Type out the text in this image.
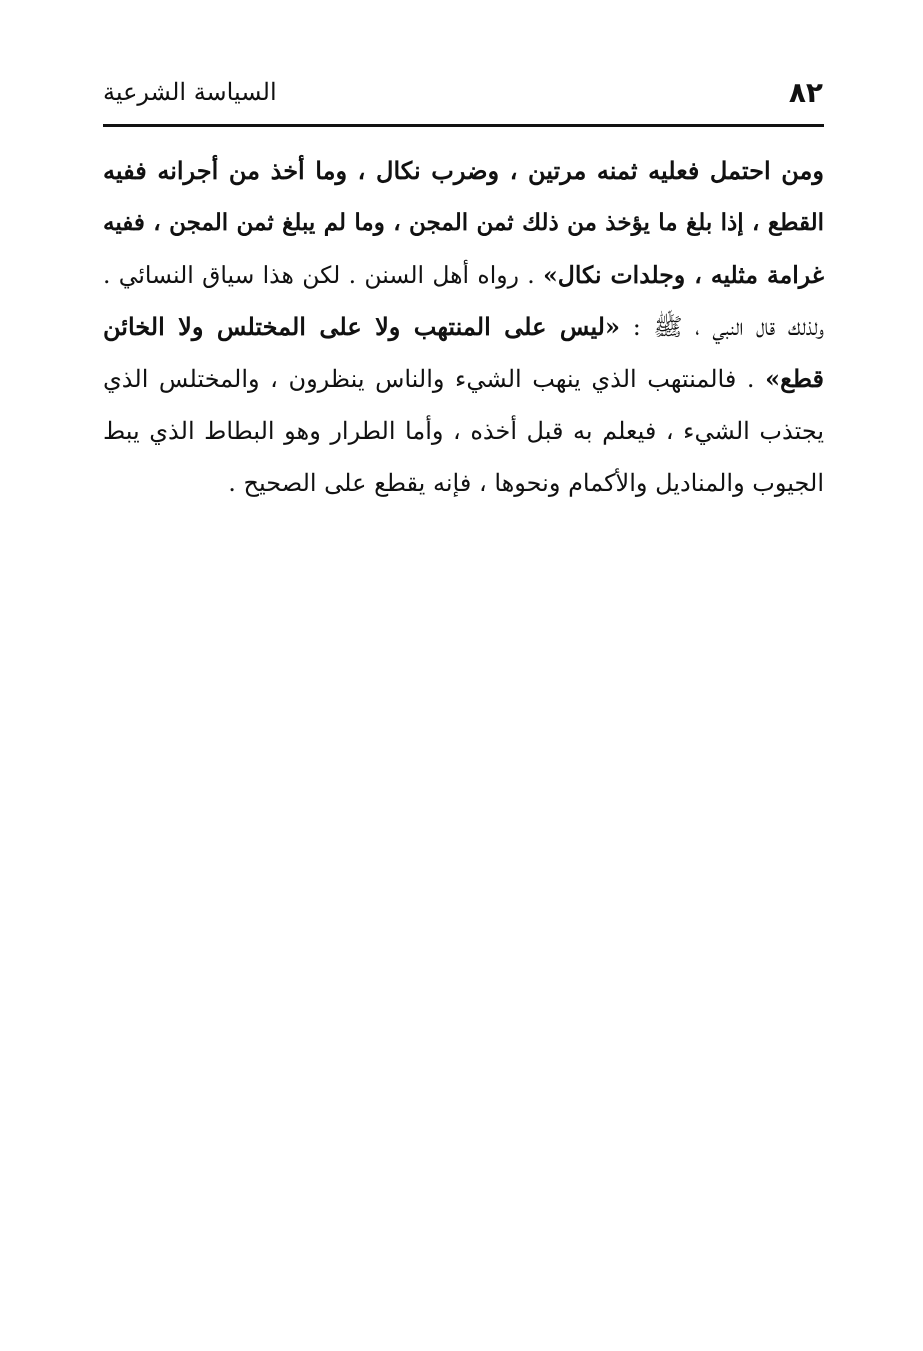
٨٢
السياسة الشرعية
ومن احتمل فعليه ثمنه مرتين ، وضرب نكال ، وما أخذ من أجرانه ففيه
القطع ، إذا بلغ ما يؤخذ من ذلك ثمن المجن ، وما لم يبلغ ثمن المجن ، ففيه
غرامة مثليه ، وجلدات نكال» . رواه أهل السنن . لكن هذا سياق النسائي .
ولذلك قال النبي ، ﷺ : «ليس على المنتهب ولا على المختلس ولا الخائن
قطع» . فالمنتهب الذي ينهب الشيء والناس ينظرون ، والمختلس الذي
يجتذب الشيء ، فيعلم به قبل أخذه ، وأما الطرار وهو البطاط الذي يبط
الجيوب والمناديل والأكمام ونحوها ، فإنه يقطع على الصحيح .
